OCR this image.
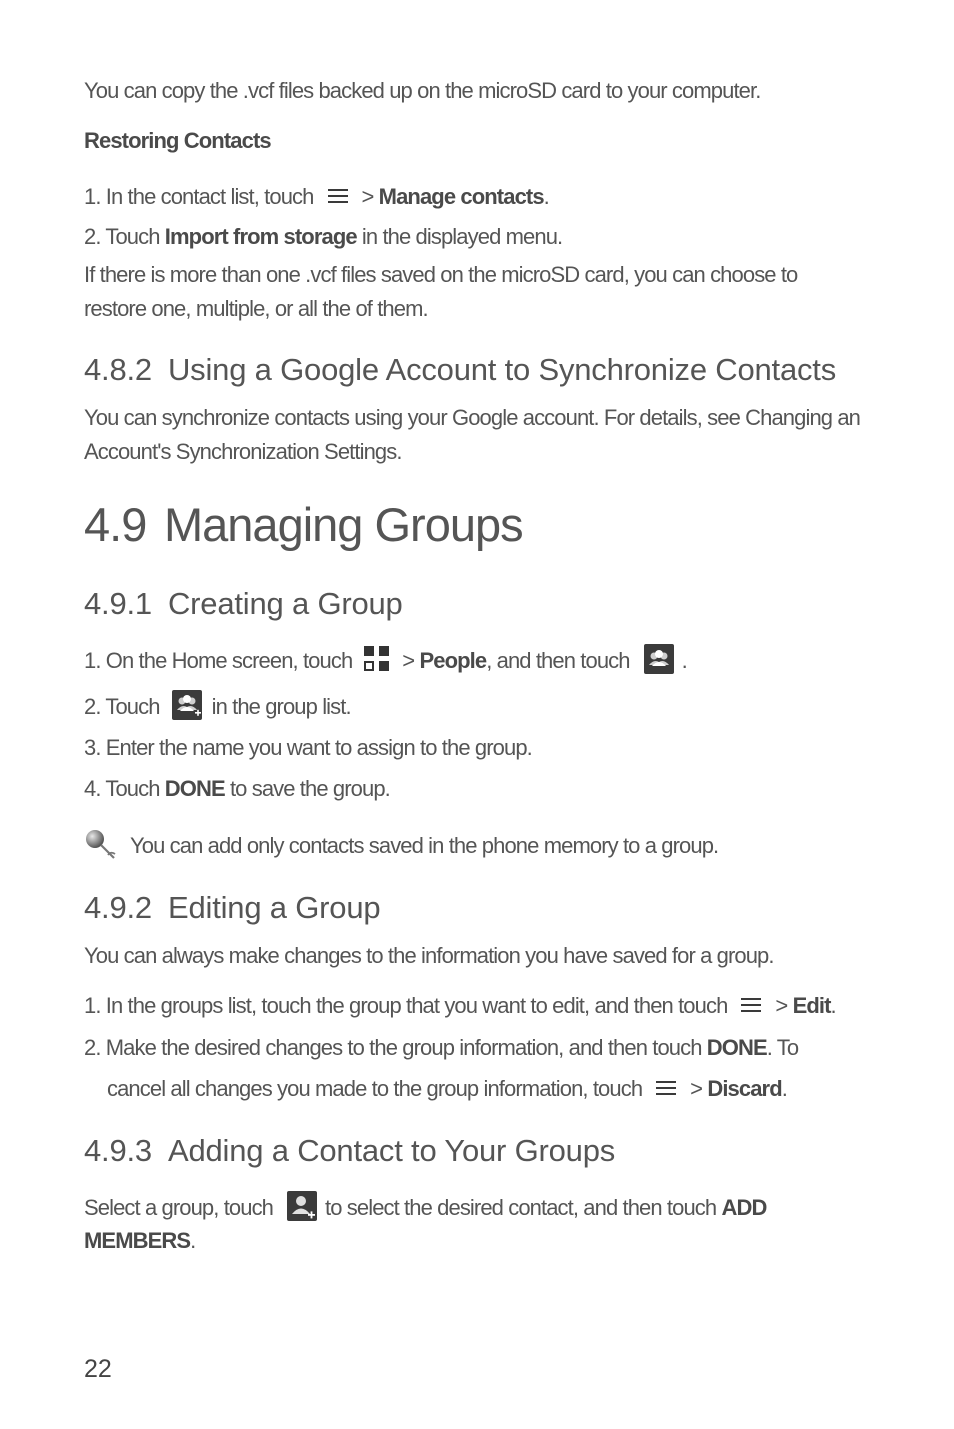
You can copy the .vcf files backed up on the microSD card to your computer.
Restoring Contacts
1. In the contact list, touch > Manage contacts.
2. Touch Import from storage in the displayed menu.
If there is more than one .vcf files saved on the microSD card, you can choose to restore one, multiple, or all the of them.
4.8.2 Using a Google Account to Synchronize Contacts
You can synchronize contacts using your Google account. For details, see Changing an Account's Synchronization Settings.
4.9 Managing Groups
4.9.1 Creating a Group
1. On the Home screen, touch > People, and then touch .
2. Touch in the group list.
3. Enter the name you want to assign to the group.
4. Touch DONE to save the group.
You can add only contacts saved in the phone memory to a group.
4.9.2 Editing a Group
You can always make changes to the information you have saved for a group.
1. In the groups list, touch the group that you want to edit, and then touch > Edit.
2. Make the desired changes to the group information, and then touch DONE. To
cancel all changes you made to the group information, touch > Discard.
4.9.3 Adding a Contact to Your Groups
Select a group, touch to select the desired contact, and then touch ADD
MEMBERS.
22
